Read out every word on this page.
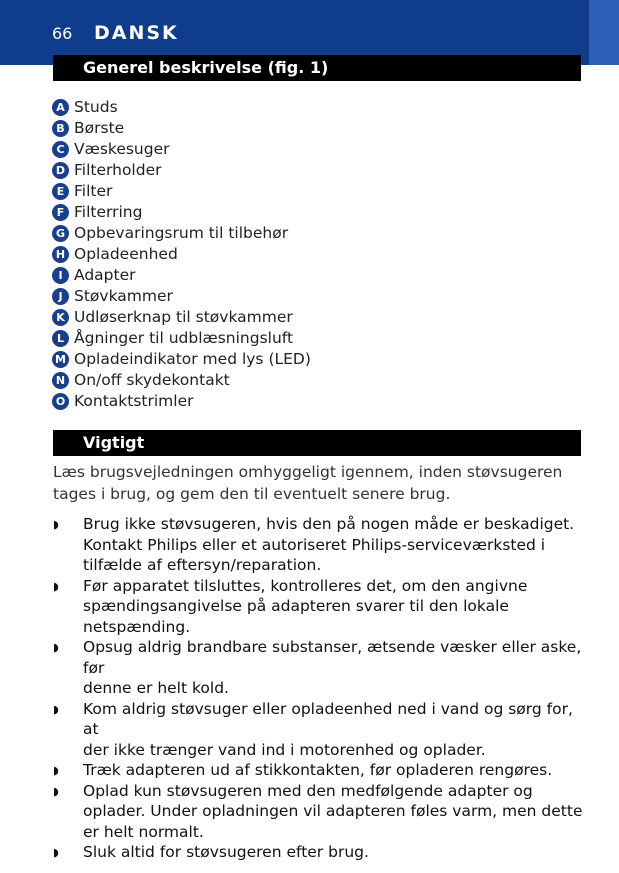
66 DANSK
Generel beskrivelse (fig. 1)
A Studs
B Børste
C Væskesuger
D Filterholder
E Filter
F Filterring
G Opbevaringsrum til tilbehør
H Opladeenhed
I Adapter
J Støvkammer
K Udløserknap til støvkammer
L Ågninger til udblæsningsluft
M Opladeindikator med lys (LED)
N On/off skydekontakt
O Kontaktstrimler
Vigtigt

Læs brugsvejledningen omhyggeligt igennem, inden støvsugeren tages i brug, og gem den til eventuelt senere brug.

◗ Brug ikke støvsugeren, hvis den på nogen måde er beskadiget.
Kontakt Philips eller et autoriseret Philips-serviceværksted i
tilfælde af eftersyn/reparation.
◗ Før apparatet tilsluttes, kontrolleres det, om den angivne
spændingsangivelse på adapteren svarer til den lokale
netspænding.
◗ Opsug aldrig brandbare substanser, ætsende væsker eller aske, før
denne er helt kold.
◗ Kom aldrig støvsuger eller opladeenhed ned i vand og sørg for, at
der ikke trænger vand ind i motorenhed og oplader.
◗ Træk adapteren ud af stikkontakten, før opladeren rengøres.
◗ Oplad kun støvsugeren med den medfølgende adapter og
oplader. Under opladningen vil adapteren føles varm, men dette
er helt normalt.
◗ Sluk altid for støvsugeren efter brug.
